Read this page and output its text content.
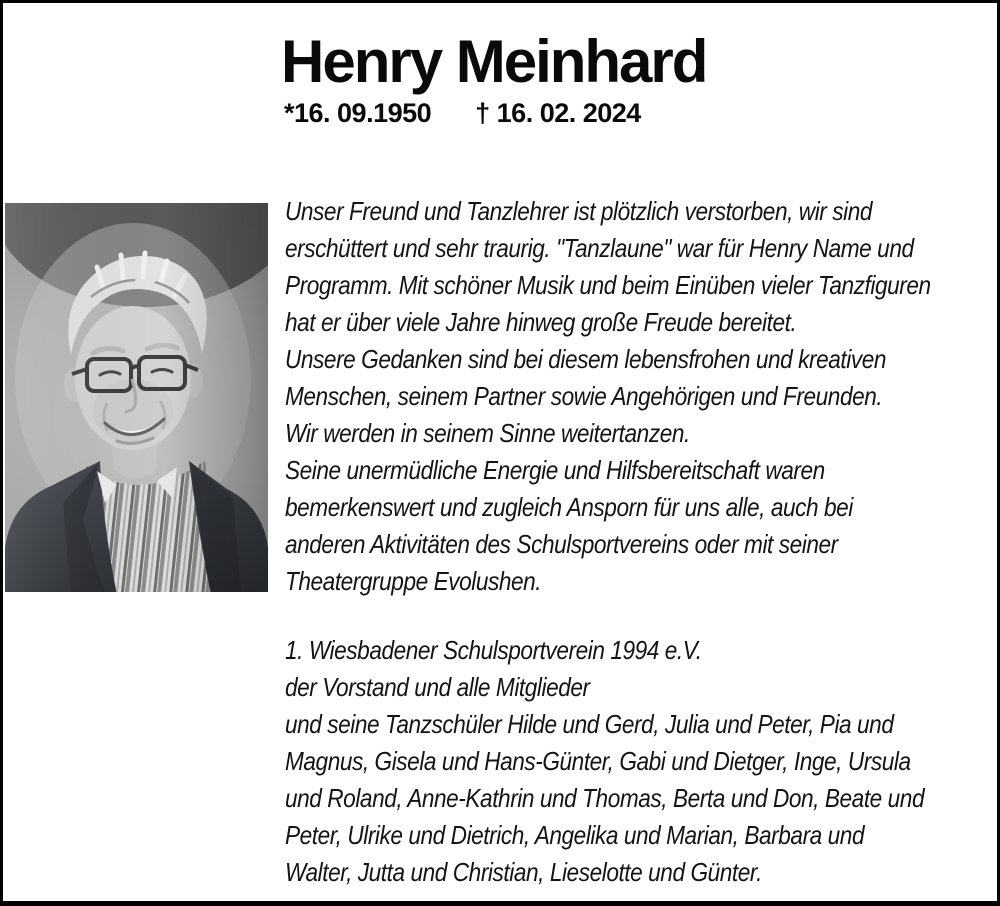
Henry Meinhard
*16. 09.1950 † 16. 02. 2024
Unser Freund und Tanzlehrer ist plötzlich verstorben, wir sind
erschüttert und sehr traurig. "Tanzlaune" war für Henry Name und
Programm. Mit schöner Musik und beim Einüben vieler Tanzfiguren
hat er über viele Jahre hinweg große Freude bereitet.
Unsere Gedanken sind bei diesem lebensfrohen und kreativen
Menschen, seinem Partner sowie Angehörigen und Freunden.
Wir werden in seinem Sinne weitertanzen.
Seine unermüdliche Energie und Hilfsbereitschaft waren
bemerkenswert und zugleich Ansporn für uns alle, auch bei
anderen Aktivitäten des Schulsportvereins oder mit seiner
Theatergruppe Evolushen.
1. Wiesbadener Schulsportverein 1994 e.V.
der Vorstand und alle Mitglieder
und seine Tanzschüler Hilde und Gerd, Julia und Peter, Pia und
Magnus, Gisela und Hans-Günter, Gabi und Dietger, Inge, Ursula
und Roland, Anne-Kathrin und Thomas, Berta und Don, Beate und
Peter, Ulrike und Dietrich, Angelika und Marian, Barbara und
Walter, Jutta und Christian, Lieselotte und Günter.
